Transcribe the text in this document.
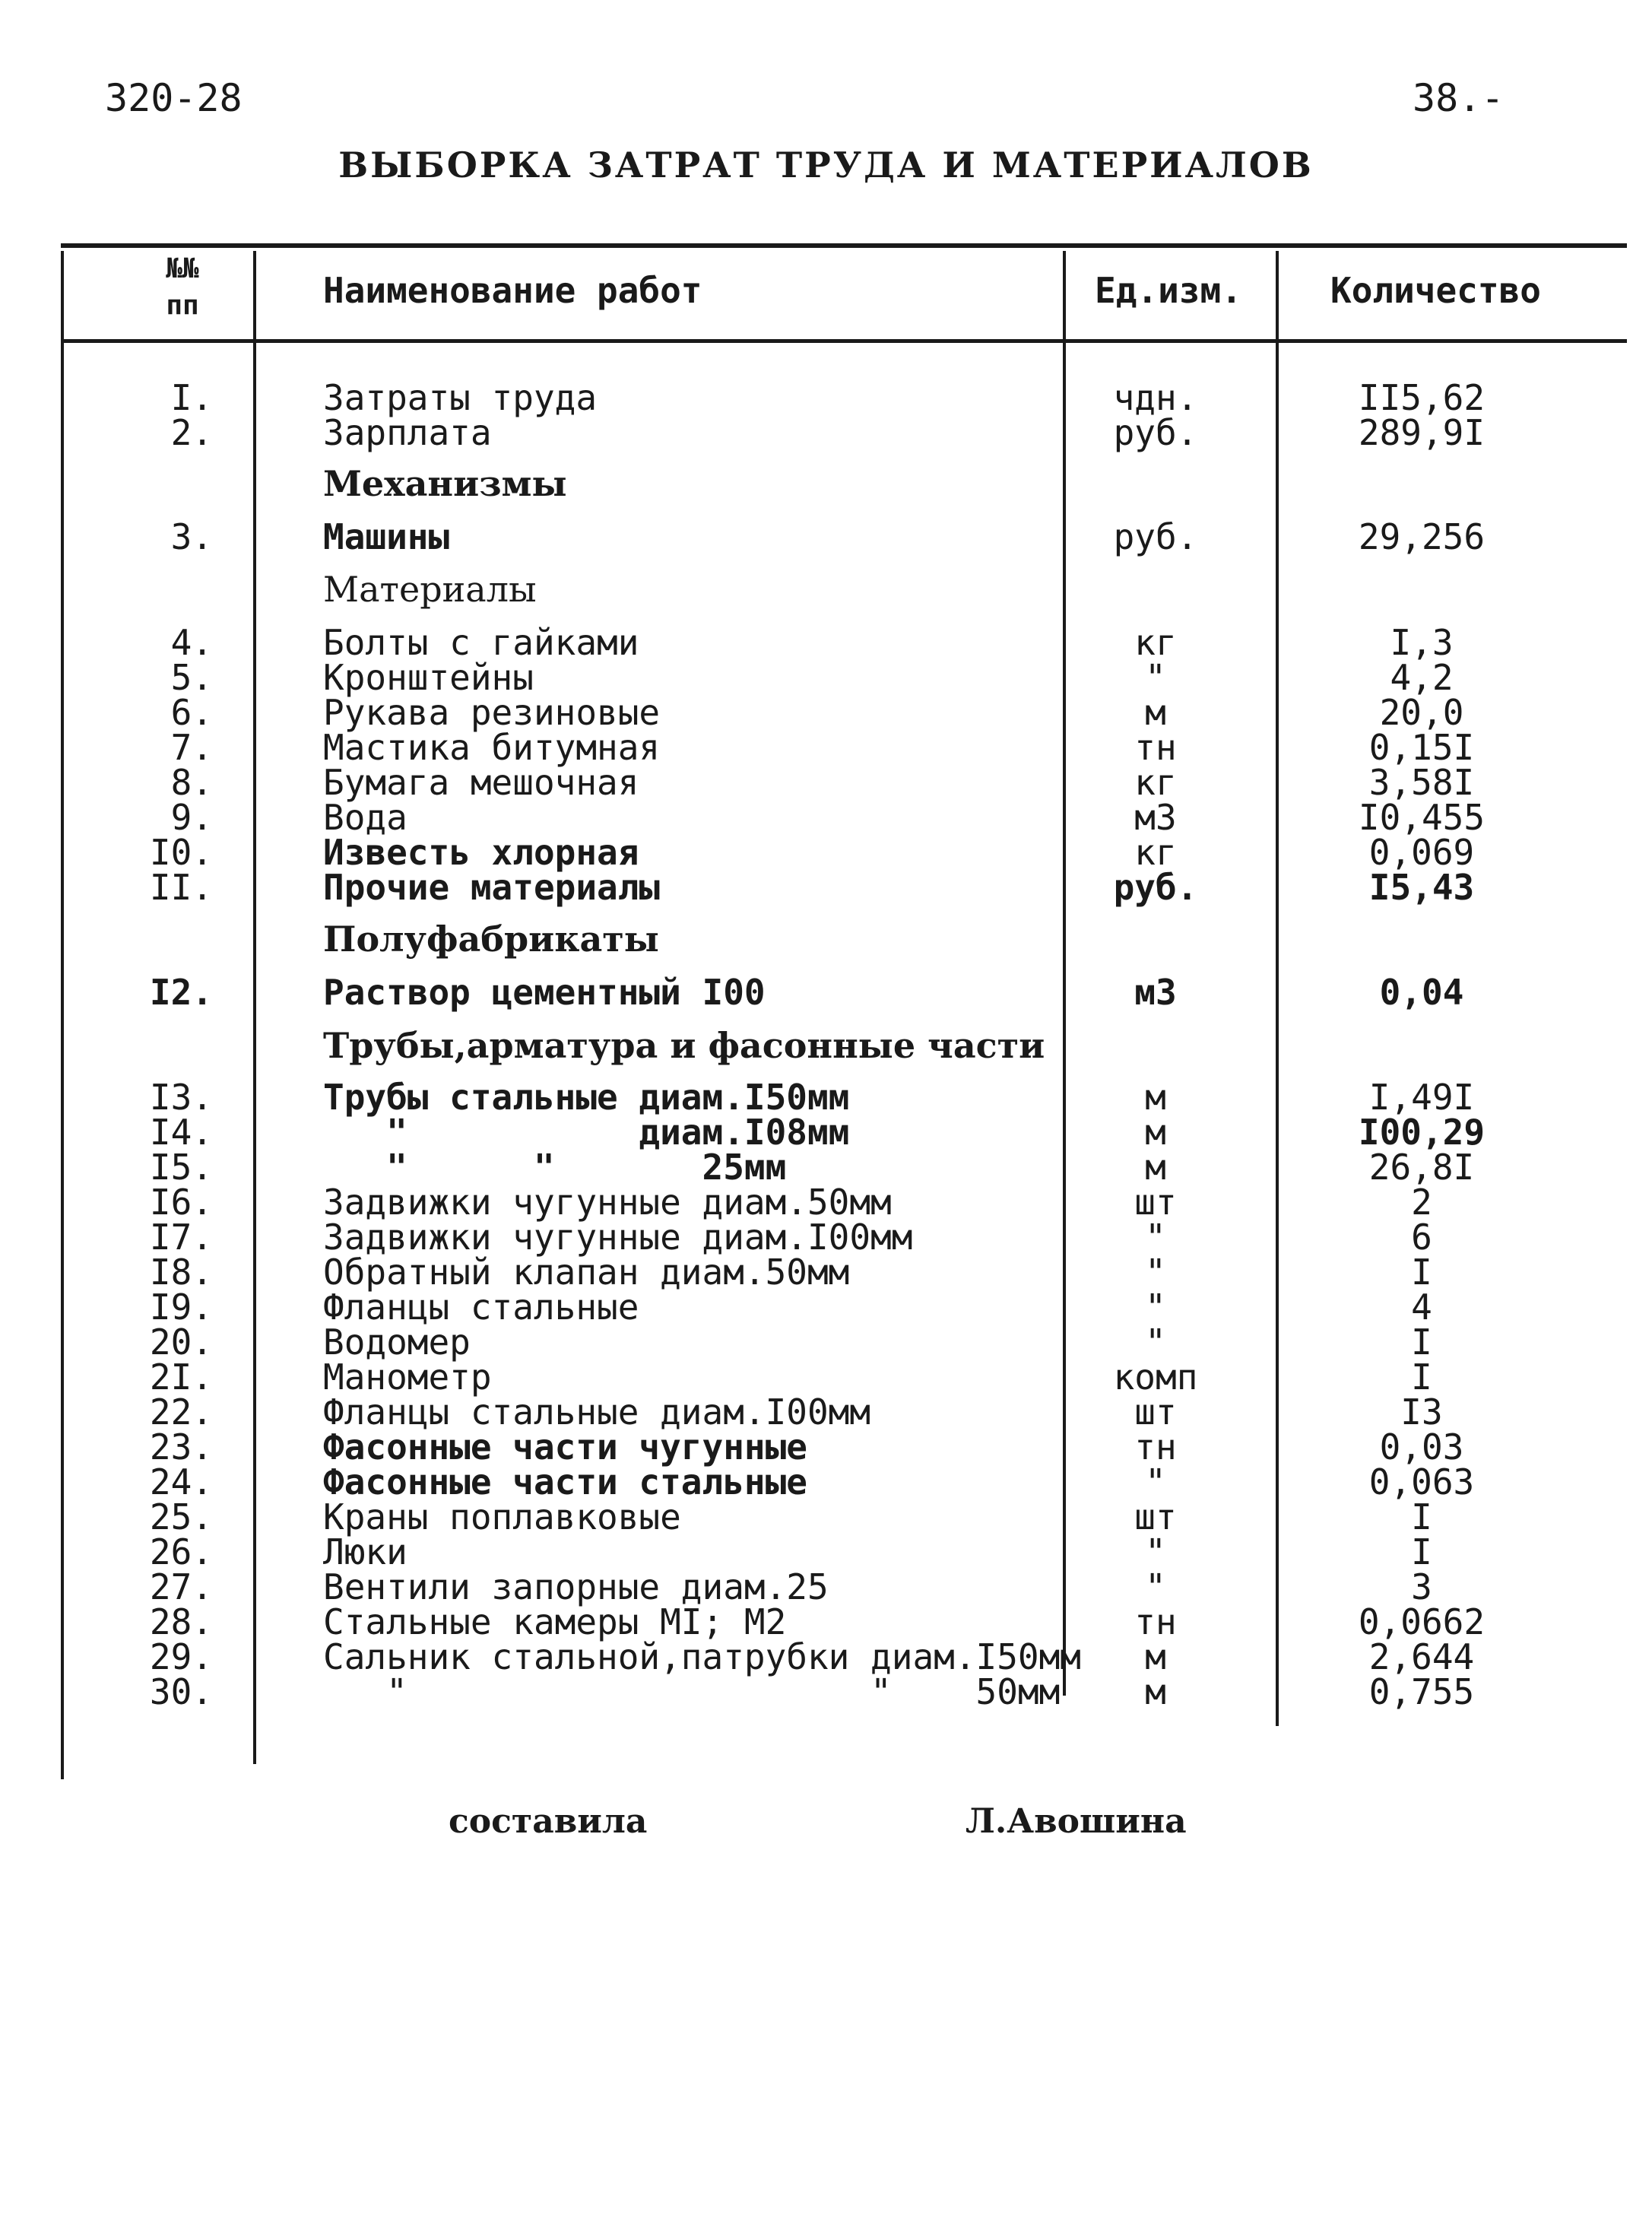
320-28	38.-
ВЫБОРКА ЗАТРАТ ТРУДА И МАТЕРИАЛОВ
№№ пп	Наименование работ	Ед.изм.	Количество
I.	Затраты труда	чдн.	II5,62
2.	Зарплата	руб.	289,9I
Механизмы
3.	Машины	руб.	29,256
Материалы
4.	Болты с гайками	кг	I,3
5.	Кронштейны	"	4,2
6.	Рукава резиновые	м	20,0
7.	Мастика битумная	тн	0,15I
8.	Бумага мешочная	кг	3,58I
9.	Вода	м3	I0,455
I0.	Известь хлорная	кг	0,069
II.	Прочие материалы	руб.	I5,43
Полуфабрикаты
I2.	Раствор цементный I00	м3	0,04
Трубы,арматура и фасонные части
I3.	Трубы стальные диам.I50мм	м	I,49I
I4.	"           диам.I08мм	м	I00,29
I5.	"      "       25мм	м	26,8I
I6.	Задвижки чугунные диам.50мм	шт	2
I7.	Задвижки чугунные диам.I00мм	"	6
I8.	Обратный клапан диам.50мм	"	I
I9.	Фланцы стальные	"	4
20.	Водомер	"	I
2I.	Манометр	комп	I
22.	Фланцы стальные диам.I00мм	шт	I3
23.	Фасонные части чугунные	тн	0,03
24.	Фасонные части стальные	"	0,063
25.	Краны поплавковые	шт	I
26.	Люки	"	I
27.	Вентили запорные диам.25	"	3
28.	Стальные камеры МI; М2	тн	0,0662
29.	Сальник стальной,патрубки диам.I50мм	м	2,644
30.	"                      "    50мм	м	0,755
составила	Л.Авошина
